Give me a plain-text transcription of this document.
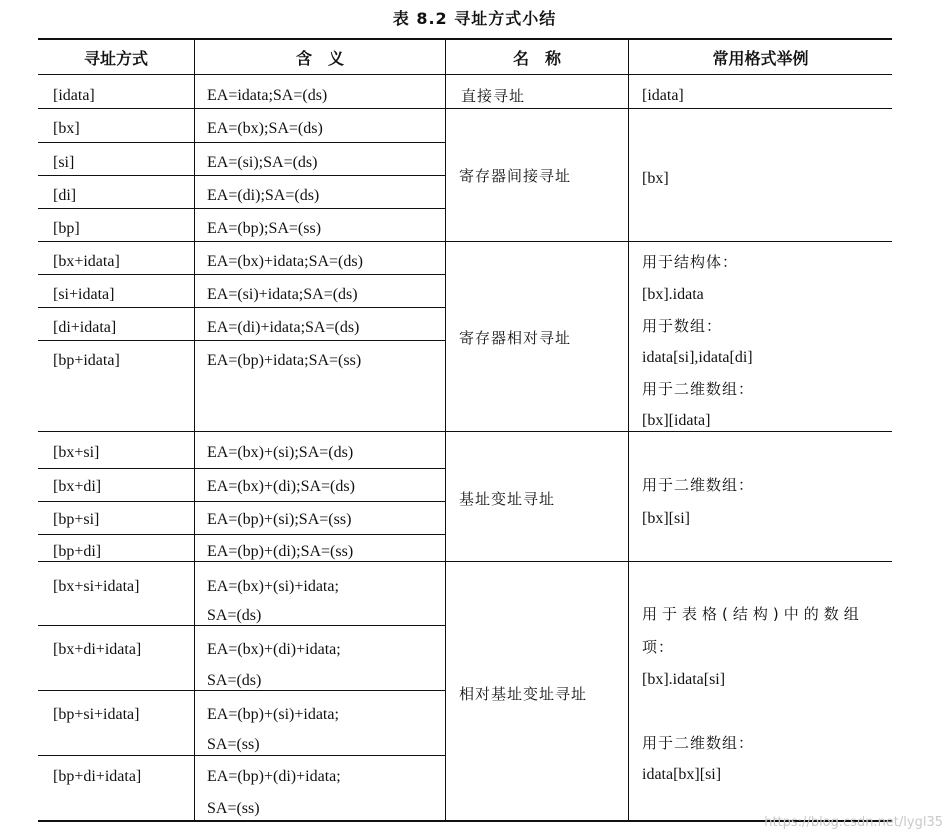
表 8.2 寻址方式小结
寻址方式	含　义	名　称	常用格式举例
[idata]	EA=idata;SA=(ds)	直接寻址	[idata]
[bx]	EA=(bx);SA=(ds)
[si]	EA=(si);SA=(ds)
[di]	EA=(di);SA=(ds)
[bp]	EA=(bp);SA=(ss)
寄存器间接寻址	[bx]
[bx+idata]	EA=(bx)+idata;SA=(ds)
[si+idata]	EA=(si)+idata;SA=(ds)
[di+idata]	EA=(di)+idata;SA=(ds)
[bp+idata]	EA=(bp)+idata;SA=(ss)
寄存器相对寻址
用于结构体：
[bx].idata
用于数组：
idata[si],idata[di]
用于二维数组：
[bx][idata]
[bx+si]	EA=(bx)+(si);SA=(ds)
[bx+di]	EA=(bx)+(di);SA=(ds)
[bp+si]	EA=(bp)+(si);SA=(ss)
[bp+di]	EA=(bp)+(di);SA=(ss)
基址变址寻址
用于二维数组：
[bx][si]
[bx+si+idata]	EA=(bx)+(si)+idata;
SA=(ds)
[bx+di+idata]	EA=(bx)+(di)+idata;
SA=(ds)
[bp+si+idata]	EA=(bp)+(si)+idata;
SA=(ss)
[bp+di+idata]	EA=(bp)+(di)+idata;
SA=(ss)
相对基址变址寻址
用于表格(结构)中的数组
项：
[bx].idata[si]
用于二维数组：
idata[bx][si]
https://blog.csdn.net/lygl35
